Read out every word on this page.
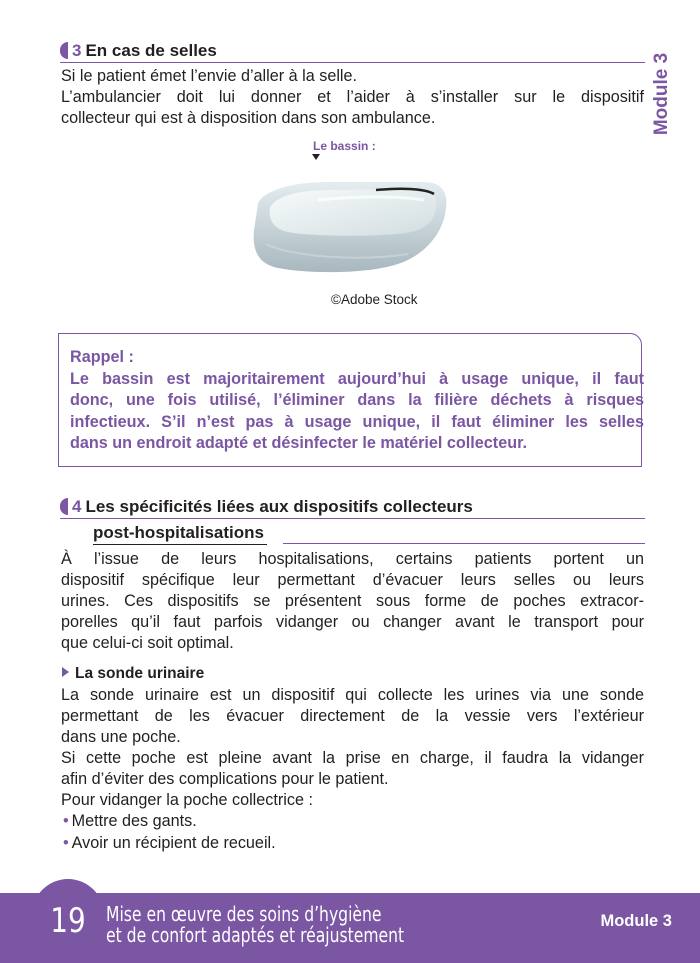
Module 3
3 En cas de selles

Si le patient émet l’envie d’aller à la selle.
L’ambulancier doit lui donner et l’aider à s’installer sur le dispositif
collecteur qui est à disposition dans son ambulance.

Le bassin :
©Adobe Stock
Rappel :
Le bassin est majoritairement aujourd’hui à usage unique, il faut
donc, une fois utilisé, l’éliminer dans la filière déchets à risques
infectieux. S’il n’est pas à usage unique, il faut éliminer les selles
dans un endroit adapté et désinfecter le matériel collecteur.
4 Les spécificités liées aux dispositifs collecteurs
post-hospitalisations

À l’issue de leurs hospitalisations, certains patients portent un
dispositif spécifique leur permettant d’évacuer leurs selles ou leurs
urines. Ces dispositifs se présentent sous forme de poches extracor-
porelles qu’il faut parfois vidanger ou changer avant le transport pour
que celui-ci soit optimal.

La sonde urinaire

La sonde urinaire est un dispositif qui collecte les urines via une sonde
permettant de les évacuer directement de la vessie vers l’extérieur
dans une poche.
Si cette poche est pleine avant la prise en charge, il faudra la vidanger
afin d’éviter des complications pour le patient.
Pour vidanger la poche collectrice :

• Mettre des gants.
• Avoir un récipient de recueil.
19 Mise en œuvre des soins d’hygiène
et de confort adaptés et réajustement
Module 3
